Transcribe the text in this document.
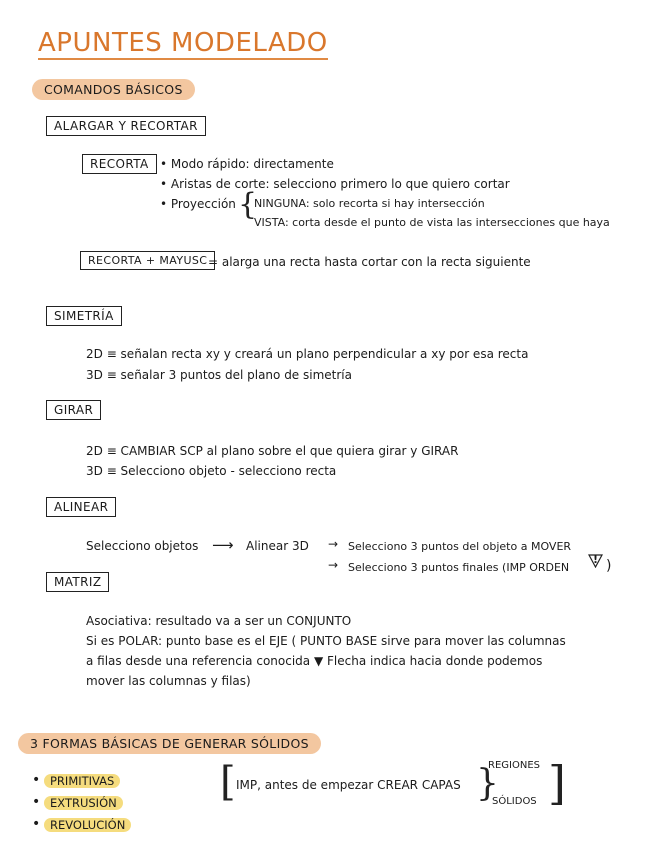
APUNTES MODELADO
COMANDOS BÁSICOS
ALARGAR Y RECORTAR
RECORTA • Modo rápido: directamente
• Aristas de corte: selecciono primero lo que quiero cortar
• Proyección {
NINGUNA: solo recorta si hay intersección
VISTA: corta desde el punto de vista las intersecciones que haya
RECORTA + MAYUSC = alarga una recta hasta cortar con la recta siguiente
SIMETRÍA
2D ≡ señalan recta xy y creará un plano perpendicular a xy por esa recta
3D ≡ señalar 3 puntos del plano de simetría
GIRAR
2D ≡ CAMBIAR SCP al plano sobre el que quiera girar y GIRAR
3D ≡ Selecciono objeto - selecciono recta
ALINEAR
Selecciono objetos ⟶ Alinear 3D → Selecciono 3 puntos del objeto a MOVER
→ Selecciono 3 puntos finales (IMP ORDEN
! )
MATRIZ
Asociativa: resultado va a ser un CONJUNTO
Si es POLAR: punto base es el EJE ( PUNTO BASE sirve para mover las columnas
a filas desde una referencia conocida ▼ Flecha indica hacia donde podemos
mover las columnas y filas)
3 FORMAS BÁSICAS DE GENERAR SÓLIDOS
• PRIMITIVAS
• EXTRUSIÓN
• REVOLUCIÓN
[ IMP, antes de empezar CREAR CAPAS }
REGIONES
SÓLIDOS ]
